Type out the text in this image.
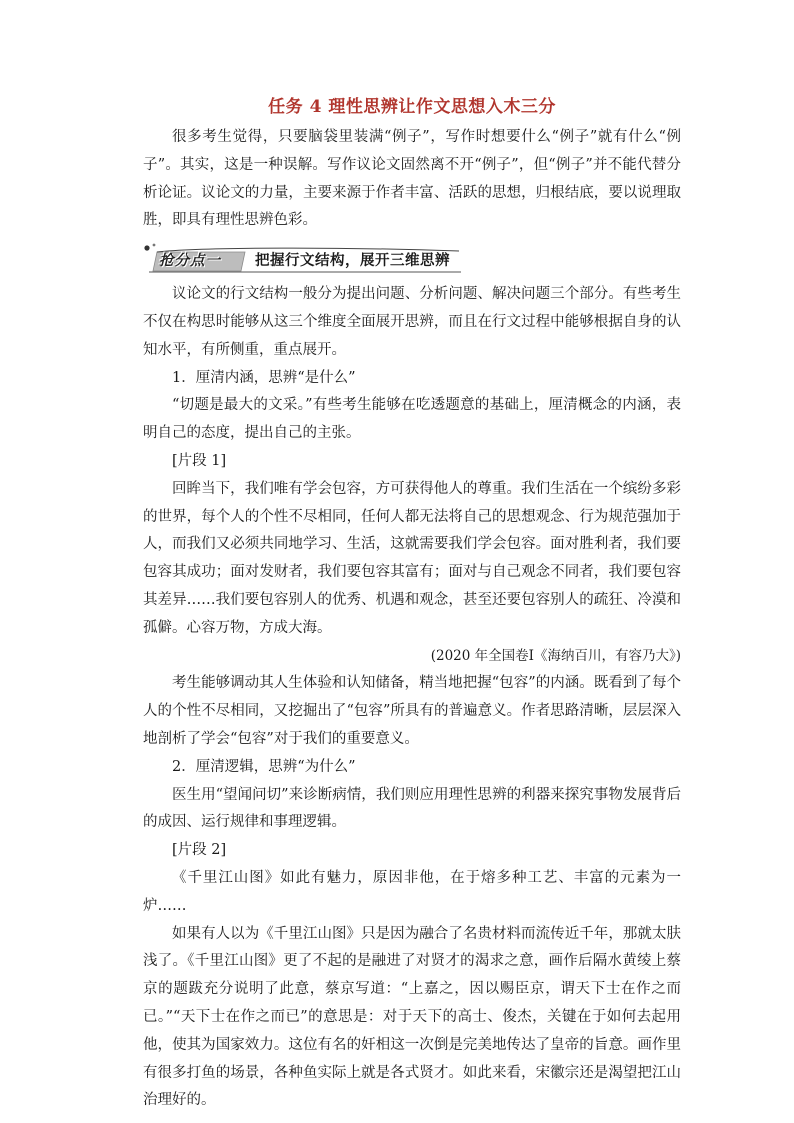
任务 4 理性思辨让作文思想入木三分

很多考生觉得，只要脑袋里装满“例子”，写作时想要什么“例子”就有什么“例子”。其实，这是一种误解。写作议论文固然离不开“例子”，但“例子”并不能代替分析论证。议论文的力量，主要来源于作者丰富、活跃的思想，归根结底，要以说理取胜，即具有理性思辨色彩。

抢分点一 把握行文结构，展开三维思辨

议论文的行文结构一般分为提出问题、分析问题、解决问题三个部分。有些考生不仅在构思时能够从这三个维度全面展开思辨，而且在行文过程中能够根据自身的认知水平，有所侧重，重点展开。

1．厘清内涵，思辨“是什么”

“切题是最大的文采。”有些考生能够在吃透题意的基础上，厘清概念的内涵，表明自己的态度，提出自己的主张。

[片段 1]

回眸当下，我们唯有学会包容，方可获得他人的尊重。我们生活在一个缤纷多彩的世界，每个人的个性不尽相同，任何人都无法将自己的思想观念、行为规范强加于人，而我们又必须共同地学习、生活，这就需要我们学会包容。面对胜利者，我们要包容其成功；面对发财者，我们要包容其富有；面对与自己观念不同者，我们要包容其差异……我们要包容别人的优秀、机遇和观念，甚至还要包容别人的疏狂、冷漠和孤僻。心容万物，方成大海。

(2020 年全国卷Ⅰ《海纳百川，有容乃大》)

考生能够调动其人生体验和认知储备，精当地把握“包容”的内涵。既看到了每个人的个性不尽相同，又挖掘出了“包容”所具有的普遍意义。作者思路清晰，层层深入地剖析了学会“包容”对于我们的重要意义。

2．厘清逻辑，思辨“为什么”

医生用“望闻问切”来诊断病情，我们则应用理性思辨的利器来探究事物发展背后的成因、运行规律和事理逻辑。

[片段 2]

《千里江山图》如此有魅力，原因非他，在于熔多种工艺、丰富的元素为一炉……

如果有人以为《千里江山图》只是因为融合了名贵材料而流传近千年，那就太肤浅了。《千里江山图》更了不起的是融进了对贤才的渴求之意，画作后隔水黄绫上蔡京的题跋充分说明了此意，蔡京写道：“上嘉之，因以赐臣京，谓天下士在作之而已。”“天下士在作之而已”的意思是：对于天下的高士、俊杰，关键在于如何去起用他，使其为国家效力。这位有名的奸相这一次倒是完美地传达了皇帝的旨意。画作里有很多打鱼的场景，各种鱼实际上就是各式贤才。如此来看，宋徽宗还是渴望把江山治理好的。
